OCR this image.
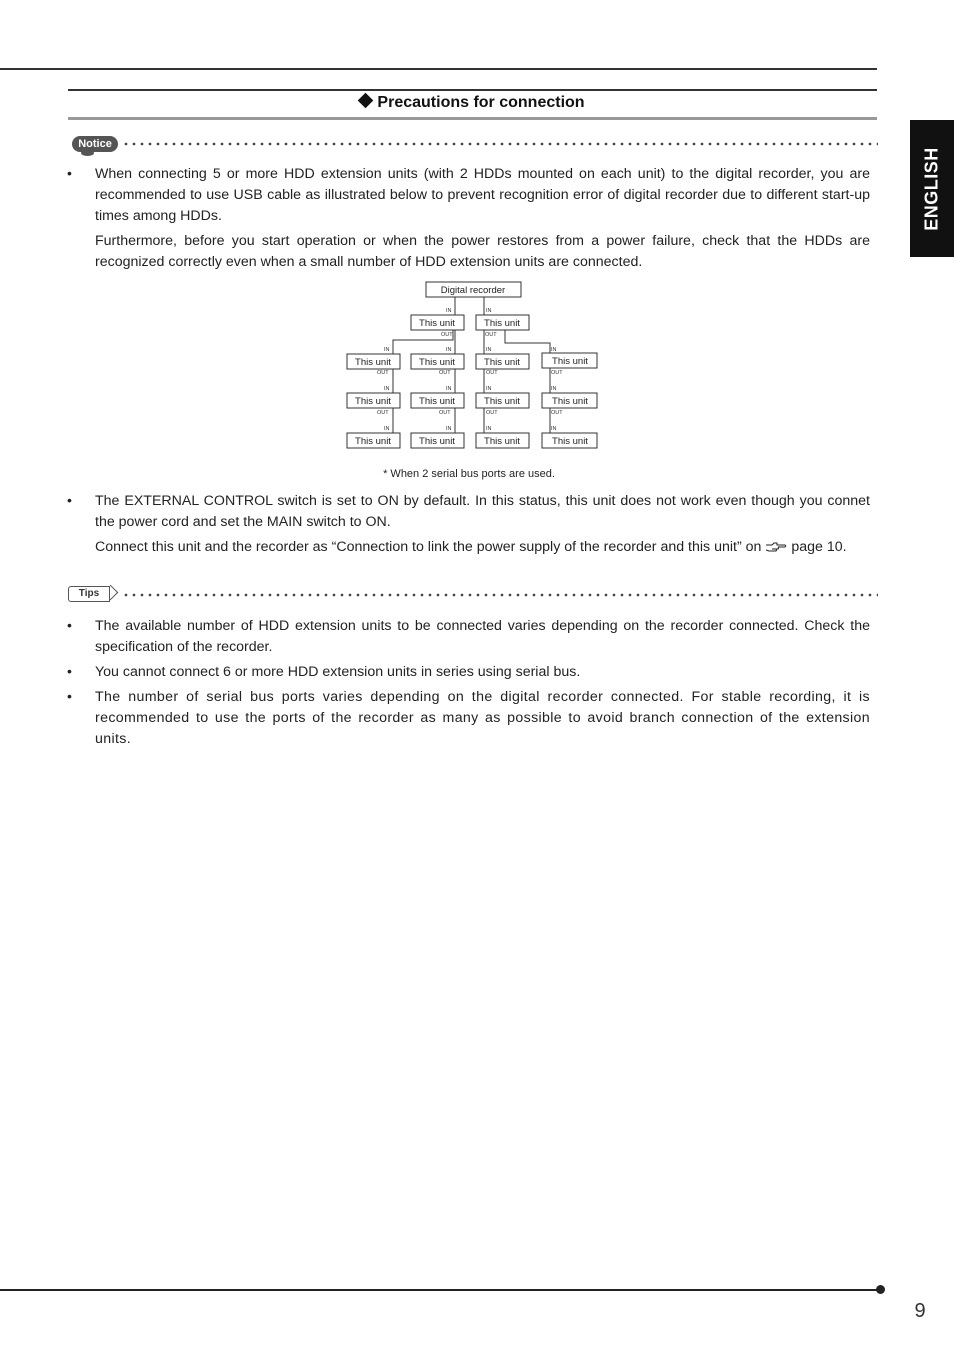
Precautions for connection
ENGLISH
Notice
• When connecting 5 or more HDD extension units (with 2 HDDs mounted on each unit) to the digital recorder, you are recommended to use USB cable as illustrated below to prevent recognition error of digital recorder due to different start-up times among HDDs.
Furthermore, before you start operation or when the power restores from a power failure, check that the HDDs are recognized correctly even when a small number of HDD extension units are connected.
Digital recorder
This unit	This unit
This unit	This unit	This unit	This unit
This unit	This unit	This unit	This unit
This unit	This unit	This unit	This unit
IN	IN
OUT	OUT
IN	IN	IN	IN
OUT	OUT	OUT	OUT
IN	IN	IN	IN
OUT	OUT	OUT	OUT
IN	IN	IN	IN
* When 2 serial bus ports are used.
• The EXTERNAL CONTROL switch is set to ON by default. In this status, this unit does not work even though you connet the power cord and set the MAIN switch to ON.
Connect this unit and the recorder as “Connection to link the power supply of the recorder and this unit” on page 10.
Tips
• The available number of HDD extension units to be connected varies depending on the recorder connected. Check the specification of the recorder.
• You cannot connect 6 or more HDD extension units in series using serial bus.
• The number of serial bus ports varies depending on the digital recorder connected. For stable recording, it is recommended to use the ports of the recorder as many as possible to avoid branch connection of the extension units.
9
